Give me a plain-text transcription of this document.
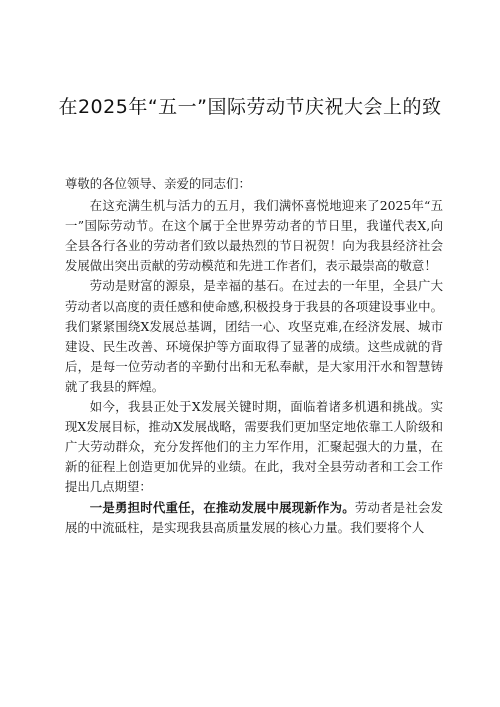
在2025年“五一”国际劳动节庆祝大会上的致

尊敬的各位领导、亲爱的同志们：

在这充满生机与活力的五月，我们满怀喜悦地迎来了2025年“五一”国际劳动节。在这个属于全世界劳动者的节日里，我谨代表X,向全县各行各业的劳动者们致以最热烈的节日祝贺！向为我县经济社会发展做出突出贡献的劳动模范和先进工作者们，表示最崇高的敬意！

劳动是财富的源泉，是幸福的基石。在过去的一年里，全县广大劳动者以高度的责任感和使命感,积极投身于我县的各项建设事业中。我们紧紧围绕X发展总基调，团结一心、攻坚克难,在经济发展、城市建设、民生改善、环境保护等方面取得了显著的成绩。这些成就的背后，是每一位劳动者的辛勤付出和无私奉献，是大家用汗水和智慧铸就了我县的辉煌。

如今，我县正处于X发展关键时期，面临着诸多机遇和挑战。实现X发展目标，推动X发展战略，需要我们更加坚定地依靠工人阶级和广大劳动群众，充分发挥他们的主力军作用，汇聚起强大的力量，在新的征程上创造更加优异的业绩。在此，我对全县劳动者和工会工作提出几点期望：

一是勇担时代重任，在推动发展中展现新作为。劳动者是社会发展的中流砥柱，是实现我县高质量发展的核心力量。我们要将个人
